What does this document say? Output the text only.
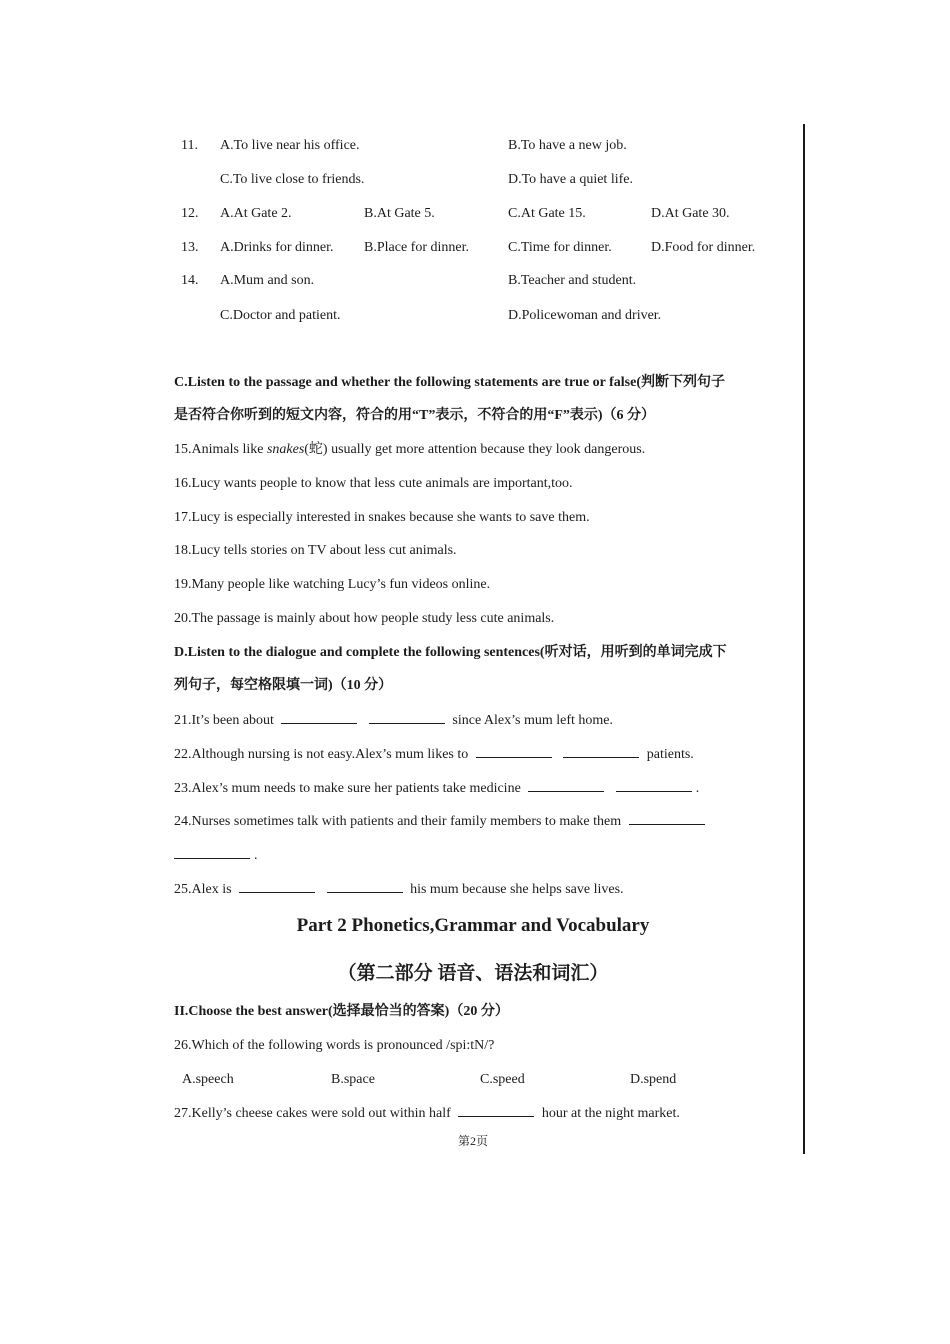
11. A.To live near his office.	B.To have a new job.
C.To live close to friends.	D.To have a quiet life.
12. A.At Gate 2.	B.At Gate 5.	C.At Gate 15.	D.At Gate 30.
13. A.Drinks for dinner. B.Place for dinner.	C.Time for dinner.	D.Food for dinner.
14. A.Mum and son.	B.Teacher and student.
C.Doctor and patient.	D.Policewoman and driver.
C.Listen to the passage and whether the following statements are true or false(判断下列句子
是否符合你听到的短文内容，符合的用“T”表示，不符合的用“F”表示)（6 分）
15.Animals like snakes(蛇) usually get more attention because they look dangerous.
16.Lucy wants people to know that less cute animals are important,too.
17.Lucy is especially interested in snakes because she wants to save them.
18.Lucy tells stories on TV about less cut animals.
19.Many people like watching Lucy’s fun videos online.
20.The passage is mainly about how people study less cute animals.
D.Listen to the dialogue and complete the following sentences(听对话，用听到的单词完成下
列句子，每空格限填一词)（10 分）
21.It’s been about	since Alex’s mum left home.
22.Although nursing is not easy.Alex’s mum likes to	patients.
23.Alex’s mum needs to make sure her patients take medicine	.
24.Nurses sometimes talk with patients and their family members to make them
.
25.Alex is	his mum because she helps save lives.
Part 2 Phonetics,Grammar and Vocabulary
（第二部分 语音、语法和词汇）
II.Choose the best answer(选择最恰当的答案)（20 分）
26.Which of the following words is pronounced /spi:tN/?
A.speech	B.space	C.speed	D.spend
27.Kelly’s cheese cakes were sold out within half	hour at the night market.
第2页
